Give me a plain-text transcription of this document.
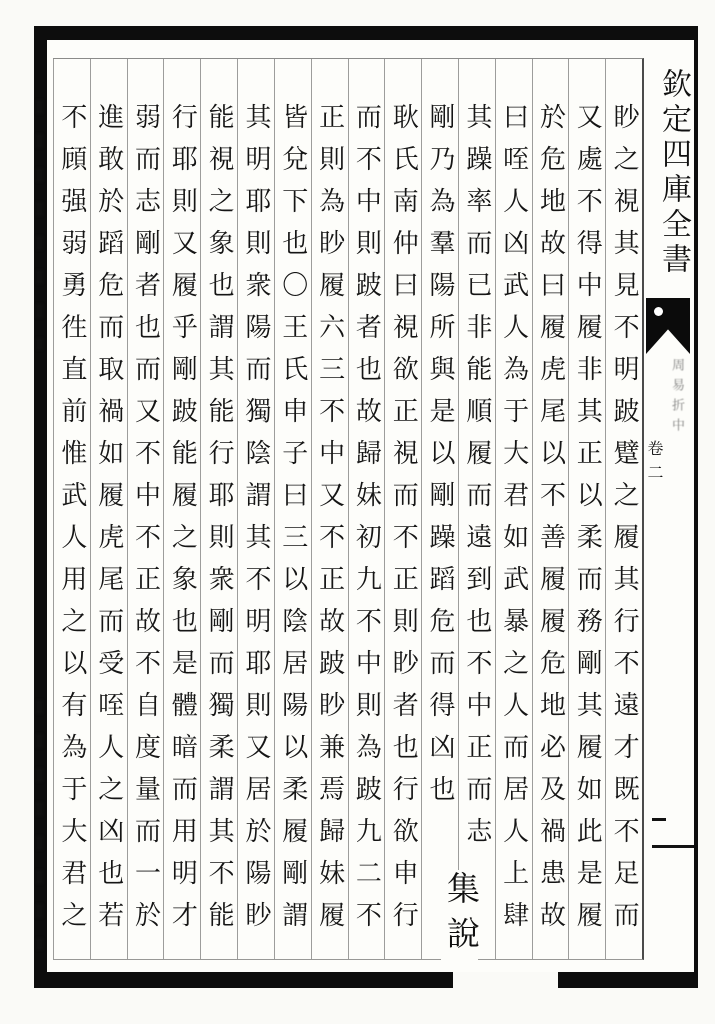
眇之視其見不明跛躄之履其行不遠才既不足而
又處不得中履非其正以柔而務剛其履如此是履
於危地故曰履虎尾以不善履履危地必及禍患故
曰咥人凶武人為于大君如武暴之人而居人上肆
其躁率而已非能順履而遠到也不中正而志
剛乃為羣陽所與是以剛躁蹈危而得凶也
耿氏南仲曰視欲正視而不正則眇者也行欲申行
而不中則跛者也故歸妹初九不中則為跛九二不
正則為眇履六三不中又不正故跛眇兼焉歸妹履
皆兌下也〇王氏申子曰三以陰居陽以柔履剛謂
其明耶則衆陽而獨陰謂其不明耶則又居於陽眇
能視之象也謂其能行耶則衆剛而獨柔謂其不能
行耶則又履乎剛跛能履之象也是體暗而用明才
弱而志剛者也而又不中不正故不自度量而一於
進敢於蹈危而取禍如履虎尾而受咥人之凶也若
不頋强弱勇徃直前惟武人用之以有為于大君之	欽定四庫全書
周易折中
卷二
集說
